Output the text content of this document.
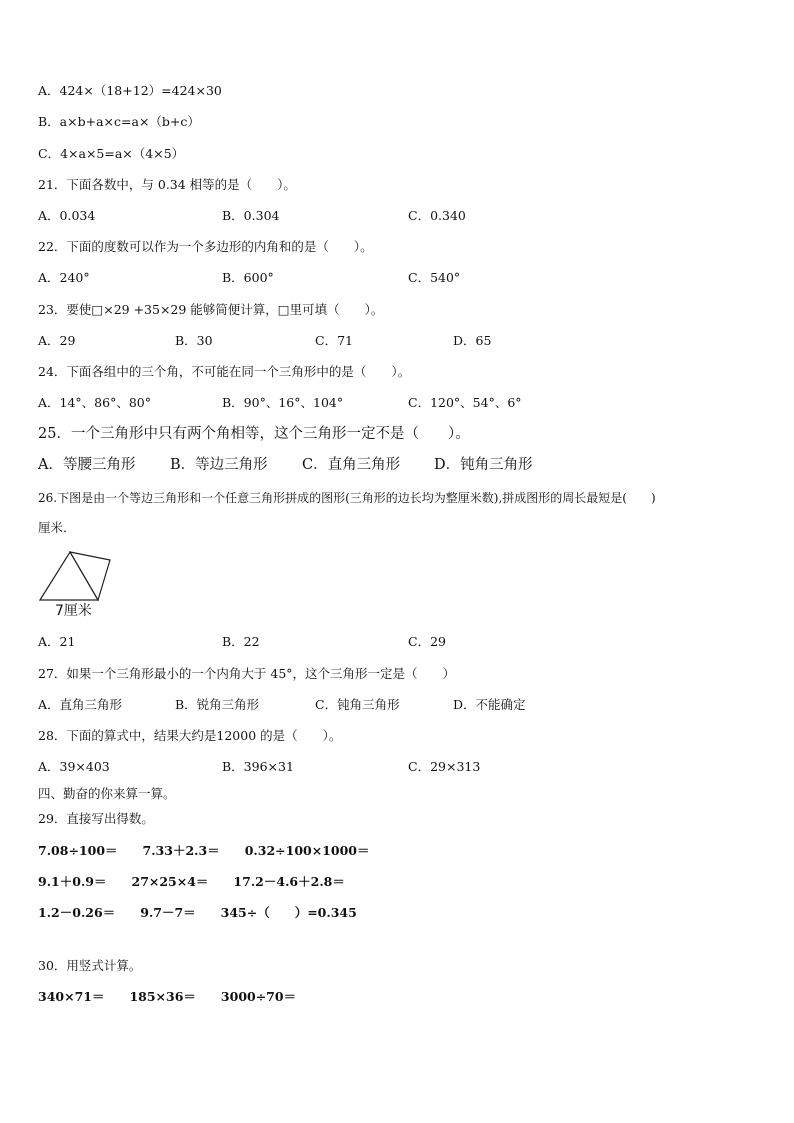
A．424×（18+12）=424×30
B．a×b+a×c=a×（b+c）
C．4×a×5=a×（4×5）
21．下面各数中，与 0.34 相等的是（　　）。
A．0.034	B．0.304	C．0.340
22．下面的度数可以作为一个多边形的内角和的是（　　）。
A．240°	B．600°	C．540°
23．要使□×29 +35×29 能够简便计算，□里可填（　　）。
A．29	B．30	C．71	D．65
24．下面各组中的三个角，不可能在同一个三角形中的是（　　）。
A．14°、86°、80°	B．90°、16°、104°	C．120°、54°、6°
25．一个三角形中只有两个角相等，这个三角形一定不是（　　）。
A．等腰三角形 B．等边三角形 C．直角三角形 D．钝角三角形
26.下图是由一个等边三角形和一个任意三角形拼成的图形(三角形的边长均为整厘米数),拼成图形的周长最短是(　　)
厘米.
7厘米
A．21	B．22	C．29
27．如果一个三角形最小的一个内角大于 45°，这个三角形一定是（　　）
A．直角三角形	B．锐角三角形	C．钝角三角形	D．不能确定
28．下面的算式中，结果大约是12000 的是（　　）。
A．39×403	B．396×31	C．29×313
四、勤奋的你来算一算。
29．直接写出得数。
7.08÷100＝　　7.33＋2.3＝　　0.32÷100×1000＝
9.1＋0.9＝　　27×25×4＝　　17.2－4.6＋2.8＝
1.2－0.26＝　　9.7－7＝　　345÷（　　）=0.345
30．用竖式计算。
340×71＝　　185×36＝　　3000÷70＝
